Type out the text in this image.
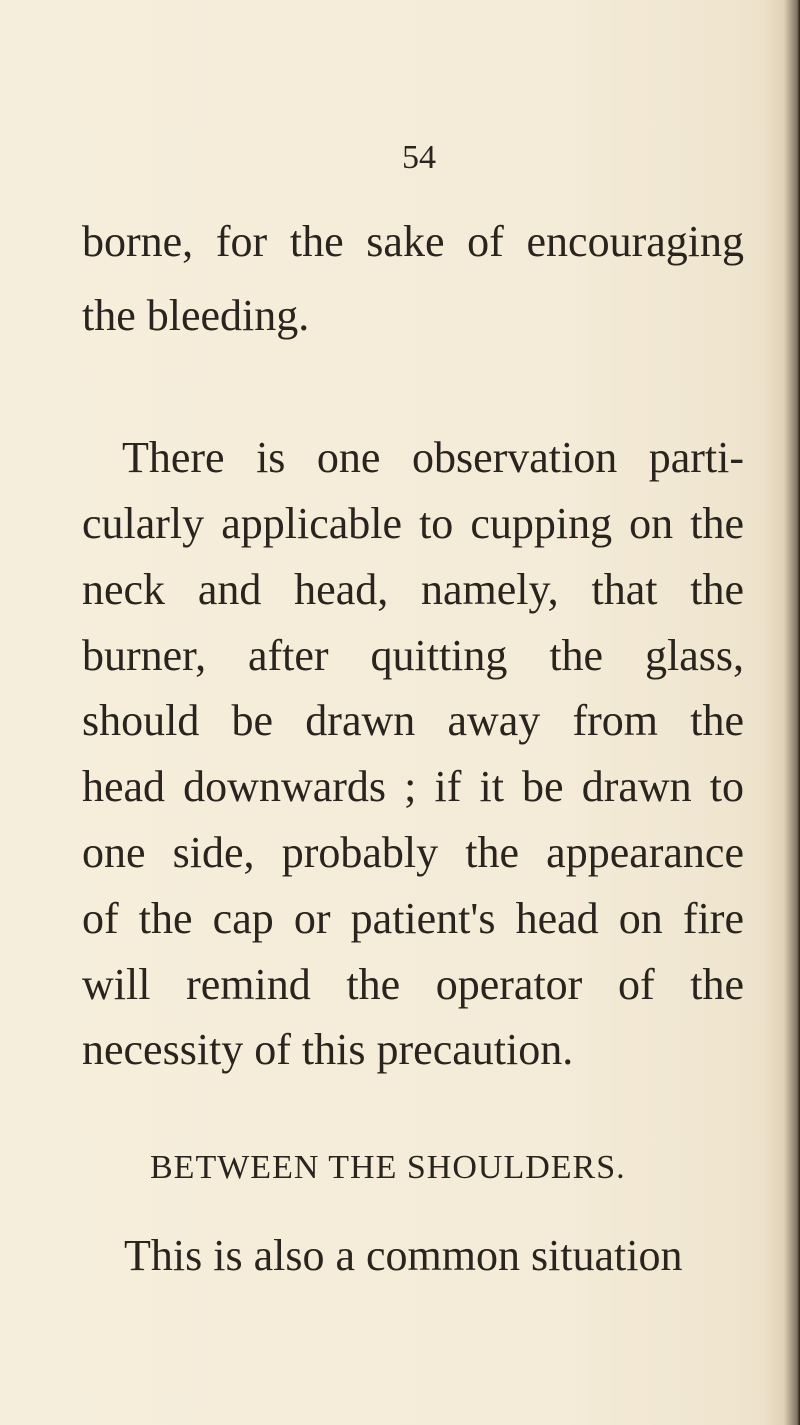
54
borne, for the sake of encouraging
the bleeding.
There is one observation parti-
cularly applicable to cupping on the
neck and head, namely, that the
burner, after quitting the glass,
should be drawn away from the
head downwards ; if it be drawn to
one side, probably the appearance
of the cap or patient's head on fire
will remind the operator of the
necessity of this precaution.
BETWEEN THE SHOULDERS.
This is also a common situation
